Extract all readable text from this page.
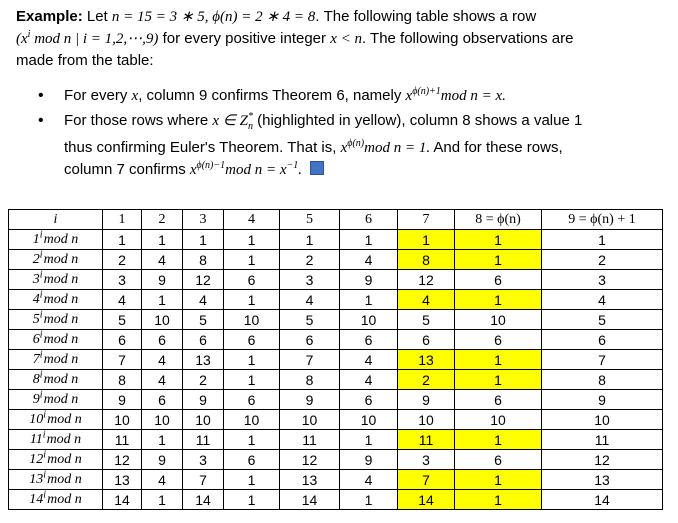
Example: Let n = 15 = 3 ∗ 5, ϕ(n) = 2 ∗ 4 = 8. The following table shows a row
($x^i$ mod n | i = 1,2,⋯,9) for every positive integer x < n. The following observations are
made from the table:
• For every x, column 9 confirms Theorem 6, namely $x^{\phi(n)+1}mod$ n = x.
• For those rows where x ∈ $Z^*_n$ (highlighted in yellow), column 8 shows a value 1
thus confirming Euler's Theorem. That is, $x^{\phi(n)}mod$ n = 1. And for these rows,
column 7 confirms $x^{\phi(n)-1}mod$ $n = x^{-1}$.
i	1	2	3	4	5	6	7	8 = ϕ(n)	9 = ϕ(n) + 1
1$^i$mod n	1	1	1	1	1	1	1	1	1
2$^i$mod n	2	4	8	1	2	4	8	1	2
3$^i$mod n	3	9	12	6	3	9	12	6	3
4$^i$mod n	4	1	4	1	4	1	4	1	4
5$^i$mod n	5	10	5	10	5	10	5	10	5
6$^i$mod n	6	6	6	6	6	6	6	6	6
7$^i$mod n	7	4	13	1	7	4	13	1	7
8$^i$mod n	8	4	2	1	8	4	2	1	8
9$^i$mod n	9	6	9	6	9	6	9	6	9
10$^i$mod n	10	10	10	10	10	10	10	10	10
11$^i$mod n	11	1	11	1	11	1	11	1	11
12$^i$mod n	12	9	3	6	12	9	3	6	12
13$^i$mod n	13	4	7	1	13	4	7	1	13
14$^i$mod n	14	1	14	1	14	1	14	1	14
